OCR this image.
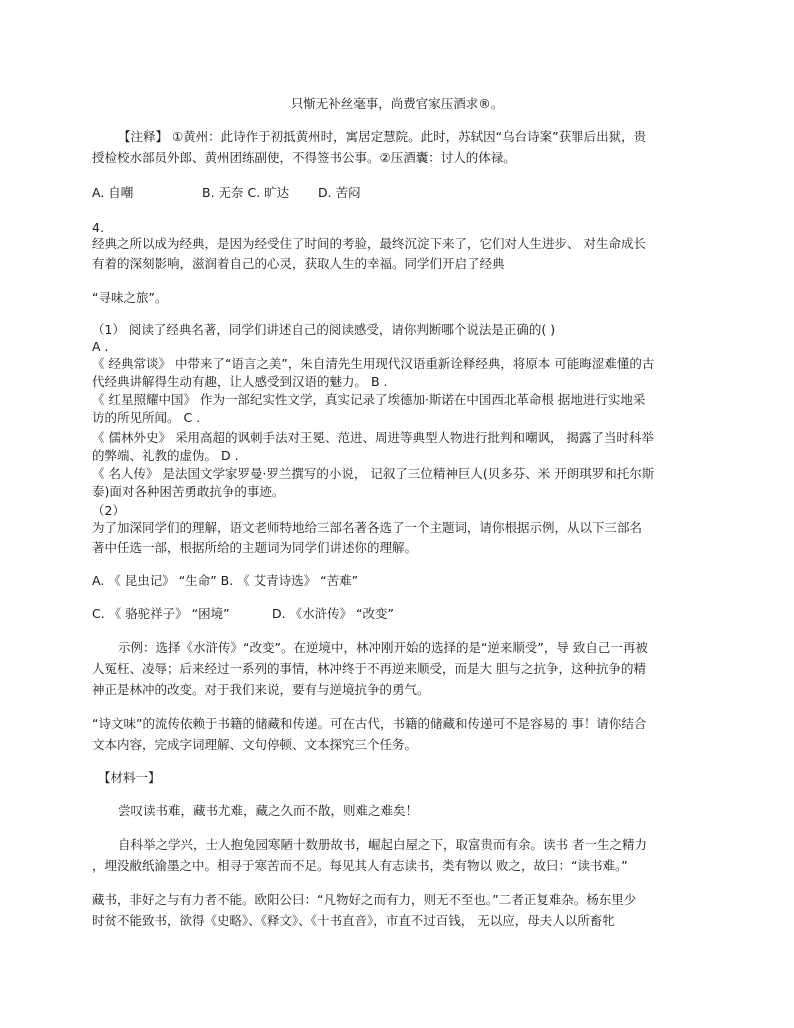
只惭无补丝毫事，尚费官家压酒求®。
【注释】 ①黄州：此诗作于初抵黄州时，寓居定慧院。此时，苏轼因“乌台诗案”获罪后出狱，贵
授检校水部员外郎、黄州团练副使，不得签书公事。②压酒囊：讨人的体禄。
A. 自嘲	B. 无奈 C. 旷达 D. 苦闷
4.
经典之所以成为经典，是因为经受住了时间的考验，最终沉淀下来了，它们对人生进步、 对生命成长
有着的深刻影响，滋润着自己的心灵，获取人生的幸福。同学们开启了经典
“寻味之旅”。
（1） 阅读了经典名著，同学们讲述自己的阅读感受，请你判断哪个说法是正确的( )
A .
《 经典常谈》 中带来了“语言之美”，朱自清先生用现代汉语重新诠释经典，将原本 可能晦涩难懂的古
代经典讲解得生动有趣，让人感受到汉语的魅力。 B .
《 红星照耀中国》 作为一部纪实性文学，真实记录了埃德加·斯诺在中国西北革命根 据地进行实地采
访的所见所闻。 C .
《 儒林外史》 采用高超的讽刺手法对王冕、范进、周进等典型人物进行批判和嘲讽， 揭露了当时科举
的弊端、礼教的虚伪。 D .
《 名人传》 是法国文学家罗曼·罗兰撰写的小说， 记叙了三位精神巨人(贝多芬、米 开朗琪罗和托尔斯
泰)面对各种困苦勇敢抗争的事迹。
（2）
为了加深同学们的理解，语文老师特地给三部名著各选了一个主题词，请你根据示例，从以下三部名
著中任选一部，根据所给的主题词为同学们讲述你的理解。
A. 《 昆虫记》 “生命” B. 《 艾青诗选》 “苦难”
C. 《 骆驼祥子》 “困境”	D. 《水浒传》 “改变”
示例：选择《水浒传》“改变”。在逆境中，林冲刚开始的选择的是“逆来顺受”，导 致自己一再被
人冤枉、凌辱；后来经过一系列的事情，林冲终于不再逆来顺受，而是大 胆与之抗争，这种抗争的精
神正是林冲的改变。对于我们来说，要有与逆境抗争的勇气。
“诗文味”的流传依赖于书籍的储藏和传递。可在古代，书籍的储藏和传递可不是容易的 事！请你结合
文本内容，完成字词理解、文句停顿、文本探究三个任务。
【材料一】
尝叹读书难，藏书尤难，藏之久而不散，则难之难矣！
自科举之学兴，士人抱兔园寒陋十数册故书，崛起白屋之下，取富贵而有余。读书 者一生之精力
，埋没敝纸渝墨之中。相寻于寒苦而不足。每见其人有志读书，类有物以 败之，故曰：“读书难。”
藏书，非好之与有力者不能。欧阳公曰：“凡物好之而有力，则无不至也。”二者正复难杂。杨东里少
时贫不能致书，欲得《史略》、《释文》、《十书直音》，市直不过百钱， 无以应，母夫人以所畜牝
